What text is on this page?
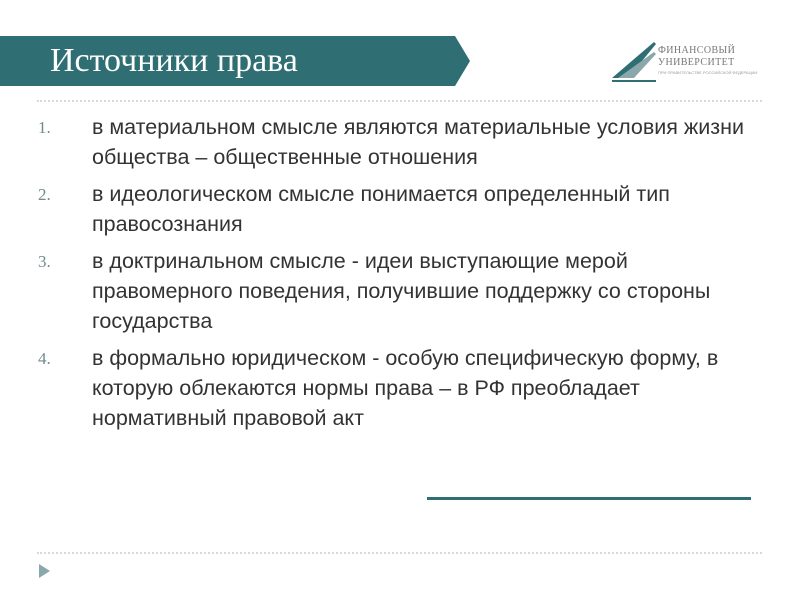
Источники права	ФИНАНСОВЫЙ
УНИВЕРСИТЕТ
ПРИ ПРАВИТЕЛЬСТВЕ РОССИЙСКОЙ ФЕДЕРАЦИИ
1. в материальном смысле являются материальные условия жизни общества – общественные отношения
2. в идеологическом смысле понимается определенный тип правосознания
3. в доктринальном смысле - идеи выступающие мерой правомерного поведения, получившие поддержку со стороны государства
4. в формально юридическом - особую специфическую форму, в которую облекаются нормы права – в РФ преобладает нормативный правовой акт
